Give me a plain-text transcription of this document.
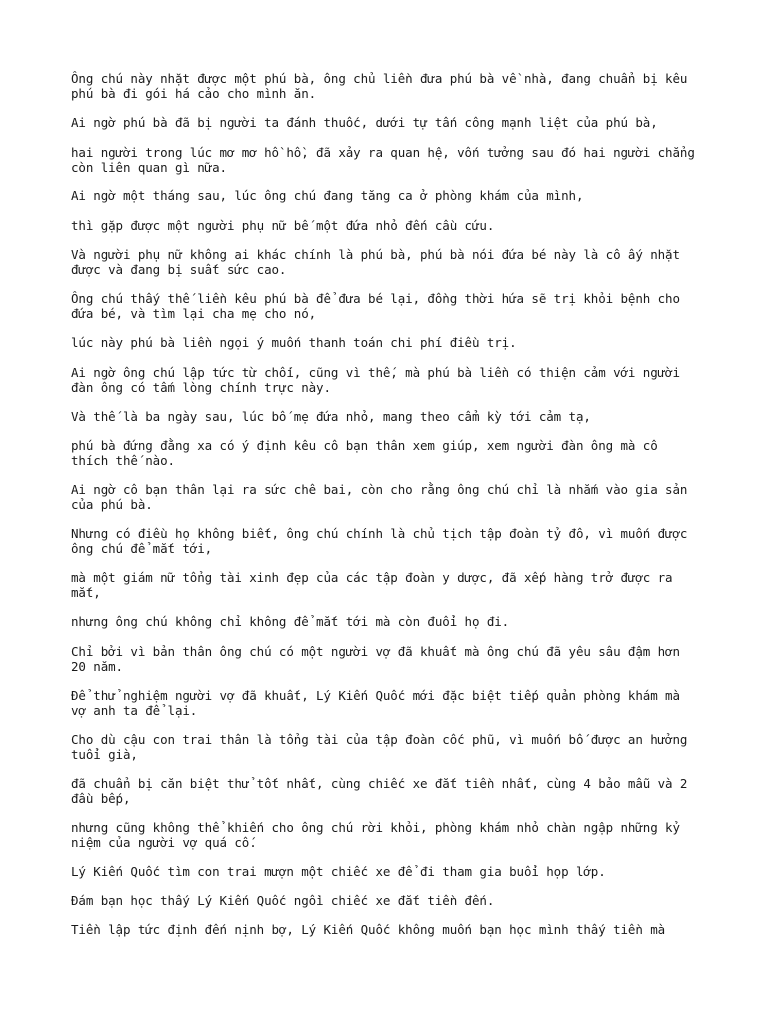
Ông chú này nhặt được một phú bà, ông chủ liền đưa phú bà về nhà, đang chuẩn bị kêu phú bà đi gói há cảo cho mình ăn.

Ai ngờ phú bà đã bị người ta đánh thuốc, dưới tự tấn công mạnh liệt của phú bà,

hai người trong lúc mơ mơ hồ hồ, đã xảy ra quan hệ, vốn tưởng sau đó hai người chẳng còn liên quan gì nữa.

Ai ngờ một tháng sau, lúc ông chú đang tăng ca ở phòng khám của mình,

thì gặp được một người phụ nữ bế một đứa nhỏ đến cầu cứu.

Và người phụ nữ không ai khác chính là phú bà, phú bà nói đứa bé này là cô ấy nhặt được và đang bị suất sức cao.

Ông chú thấy thế liền kêu phú bà để đưa bé lại, đồng thời hứa sẽ trị khỏi bệnh cho đứa bé, và tìm lại cha mẹ cho nó,

lúc này phú bà liền ngọi ý muốn thanh toán chi phí điều trị.

Ai ngờ ông chú lập tức từ chối, cũng vì thế, mà phú bà liền có thiện cảm với người đàn ông có tấm lòng chính trực này.

Và thế là ba ngày sau, lúc bố mẹ đứa nhỏ, mang theo cẩm kỳ tới cảm tạ,

phú bà đứng đằng xa có ý định kêu cô bạn thân xem giúp, xem người đàn ông mà cô thích thế nào.

Ai ngờ cô bạn thân lại ra sức chê bai, còn cho rằng ông chú chỉ là nhắm vào gia sản của phú bà.

Nhưng có điều họ không biết, ông chú chính là chủ tịch tập đoàn tỷ đô, vì muốn được ông chú để mắt tới,

mà một giám nữ tổng tài xinh đẹp của các tập đoàn y dược, đã xếp hàng trở được ra mắt,

nhưng ông chú không chỉ không để mắt tới mà còn đuổi họ đi.

Chỉ bởi vì bản thân ông chú có một người vợ đã khuất mà ông chú đã yêu sâu đậm hơn 20 năm.

Để thử nghiệm người vợ đã khuất, Lý Kiến Quốc mới đặc biệt tiếp quản phòng khám mà vợ anh ta để lại.

Cho dù cậu con trai thân là tổng tài của tập đoàn cốc phũ, vì muốn bố được an hưởng tuổi già,

đã chuẩn bị căn biệt thử tốt nhất, cùng chiếc xe đắt tiền nhất, cùng 4 bảo mẫu và 2 đầu bếp,

nhưng cũng không thể khiến cho ông chú rời khỏi, phòng khám nhỏ chàn ngập những kỷ niệm của người vợ quá cố.

Lý Kiến Quốc tìm con trai mượn một chiếc xe để đi tham gia buổi họp lớp.

Đám bạn học thấy Lý Kiến Quốc ngồi chiếc xe đắt tiền đến.

Tiền lập tức định đến nịnh bợ, Lý Kiến Quốc không muốn bạn học mình thấy tiền mà
